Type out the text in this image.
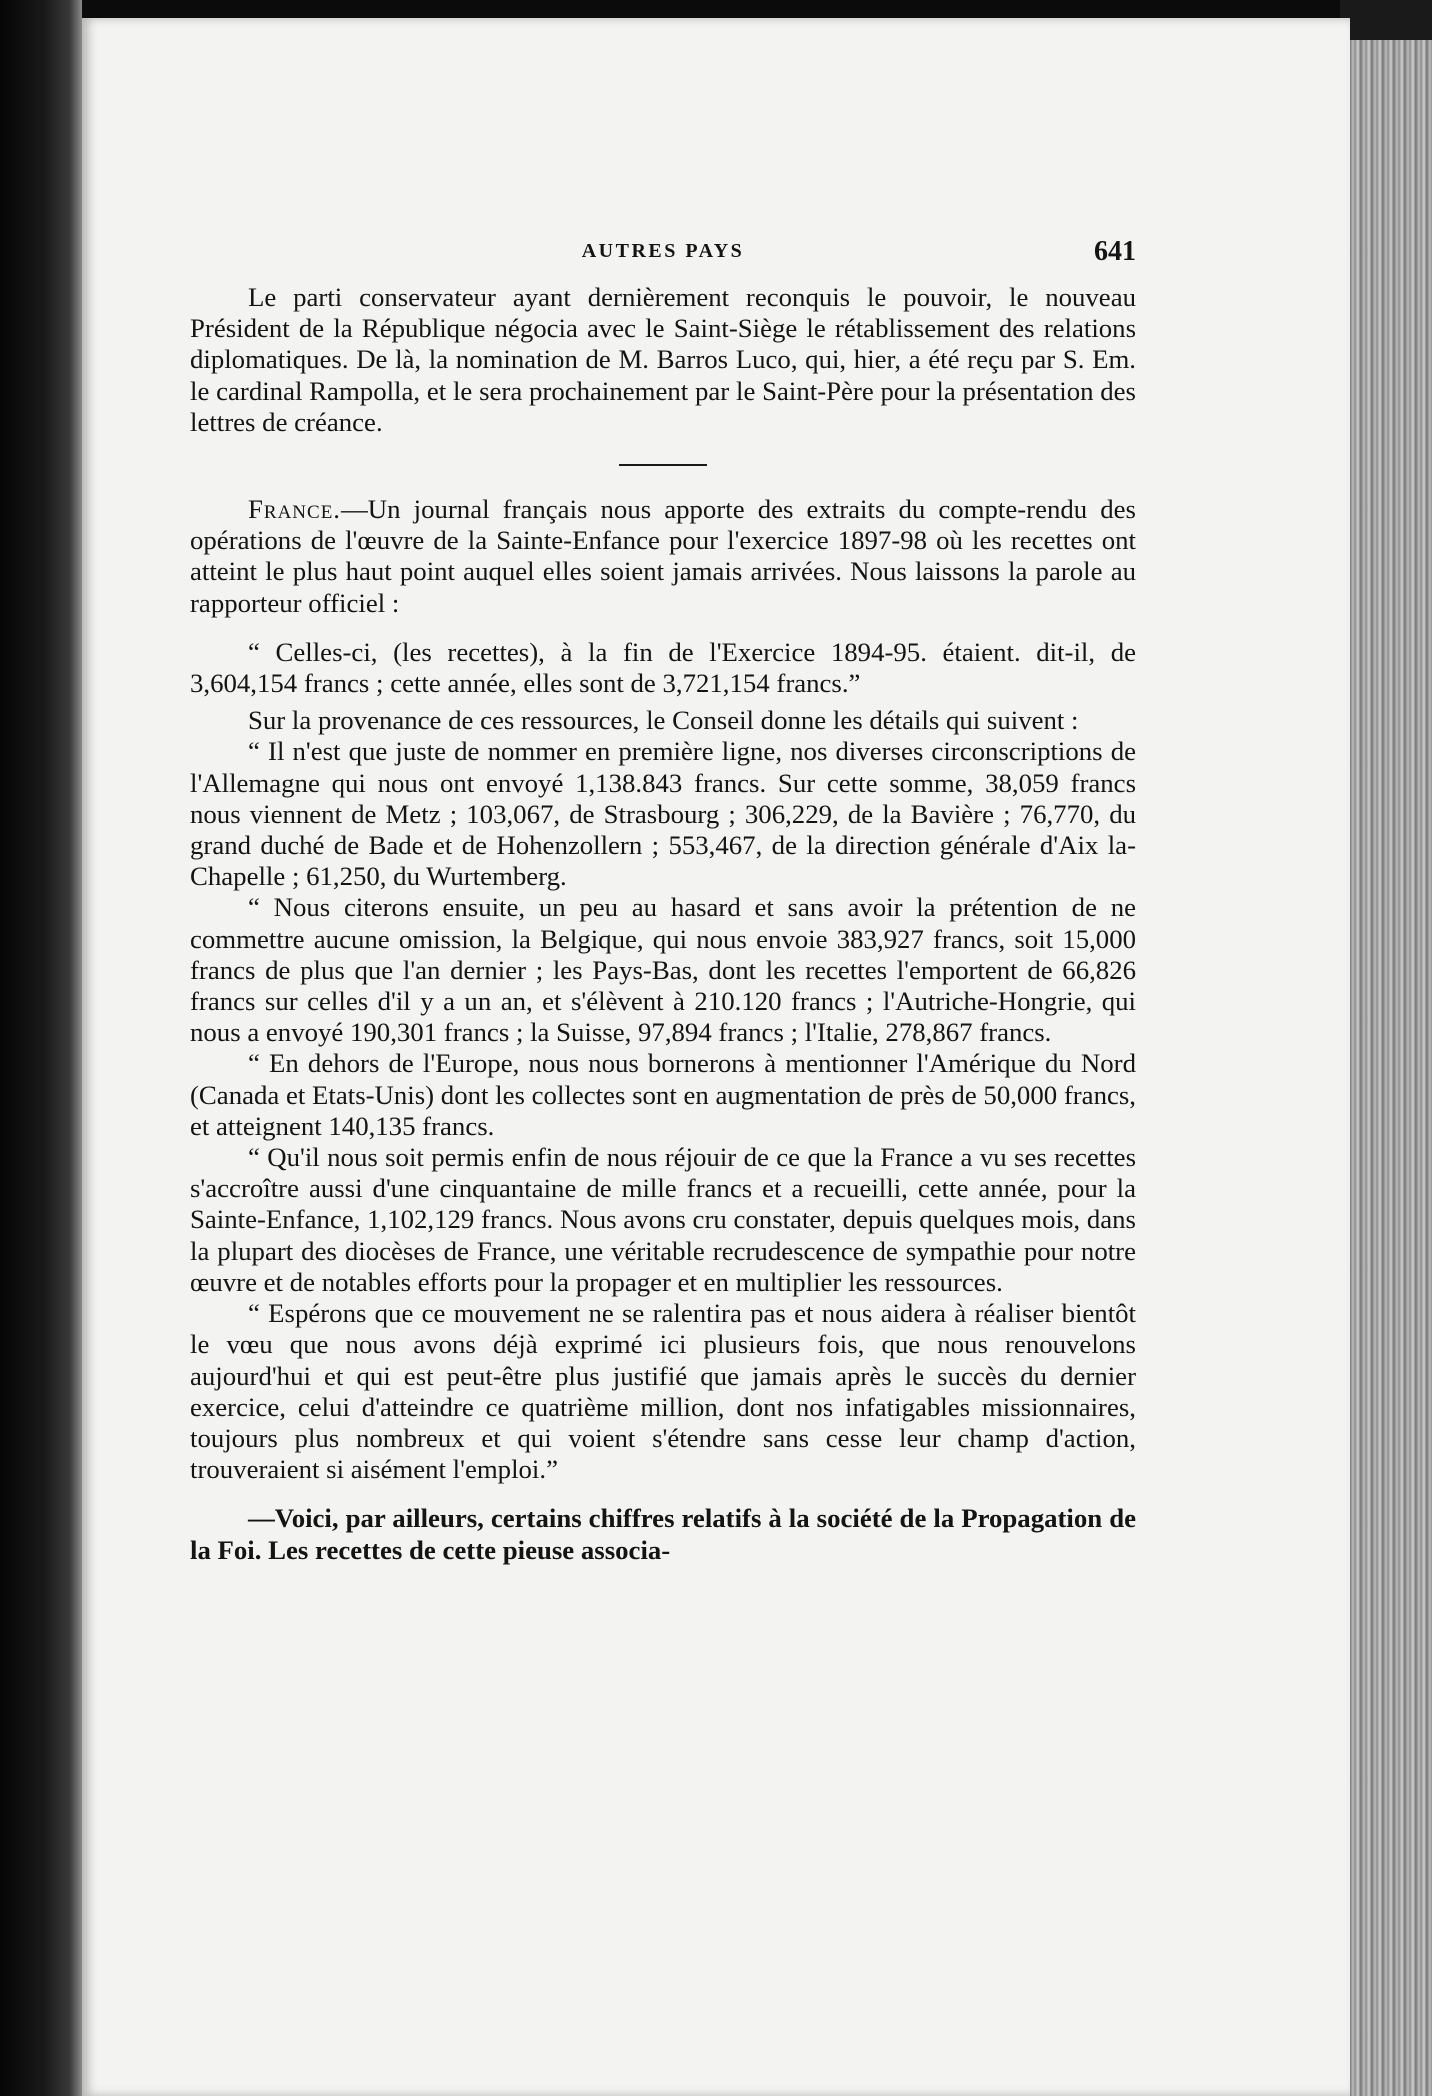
AUTRES PAYS	641

Le parti conservateur ayant dernièrement reconquis le pouvoir, le nouveau Président de la République négocia avec le Saint-Siège le rétablissement des relations diplomatiques. De là, la nomination de M. Barros Luco, qui, hier, a été reçu par S. Em. le cardinal Rampolla, et le sera prochainement par le Saint-Père pour la présentation des lettres de créance.

France.—Un journal français nous apporte des extraits du compte-rendu des opérations de l'œuvre de la Sainte-Enfance pour l'exercice 1897-98 où les recettes ont atteint le plus haut point auquel elles soient jamais arrivées. Nous laissons la parole au rapporteur officiel :

“ Celles-ci, (les recettes), à la fin de l'Exercice 1894-95. étaient. dit-il, de 3,604,154 francs ; cette année, elles sont de 3,721,154 francs.”

Sur la provenance de ces ressources, le Conseil donne les détails qui suivent :

“ Il n'est que juste de nommer en première ligne, nos diverses circonscriptions de l'Allemagne qui nous ont envoyé 1,138.843 francs. Sur cette somme, 38,059 francs nous viennent de Metz ; 103,067, de Strasbourg ; 306,229, de la Bavière ; 76,770, du grand duché de Bade et de Hohenzollern ; 553,467, de la direction générale d'Aix la-Chapelle ; 61,250, du Wurtemberg.

“ Nous citerons ensuite, un peu au hasard et sans avoir la prétention de ne commettre aucune omission, la Belgique, qui nous envoie 383,927 francs, soit 15,000 francs de plus que l'an dernier ; les Pays-Bas, dont les recettes l'emportent de 66,826 francs sur celles d'il y a un an, et s'élèvent à 210.120 francs ; l'Autriche-Hongrie, qui nous a envoyé 190,301 francs ; la Suisse, 97,894 francs ; l'Italie, 278,867 francs.

“ En dehors de l'Europe, nous nous bornerons à mentionner l'Amérique du Nord (Canada et Etats-Unis) dont les collectes sont en augmentation de près de 50,000 francs, et atteignent 140,135 francs.

“ Qu'il nous soit permis enfin de nous réjouir de ce que la France a vu ses recettes s'accroître aussi d'une cinquantaine de mille francs et a recueilli, cette année, pour la Sainte-Enfance, 1,102,129 francs. Nous avons cru constater, depuis quelques mois, dans la plupart des diocèses de France, une véritable recrudescence de sympathie pour notre œuvre et de notables efforts pour la propager et en multiplier les ressources.

“ Espérons que ce mouvement ne se ralentira pas et nous aidera à réaliser bientôt le vœu que nous avons déjà exprimé ici plusieurs fois, que nous renouvelons aujourd'hui et qui est peut-être plus justifié que jamais après le succès du dernier exercice, celui d'atteindre ce quatrième million, dont nos infatigables missionnaires, toujours plus nombreux et qui voient s'étendre sans cesse leur champ d'action, trouveraient si aisément l'emploi.”

—Voici, par ailleurs, certains chiffres relatifs à la société de la Propagation de la Foi. Les recettes de cette pieuse associa-
